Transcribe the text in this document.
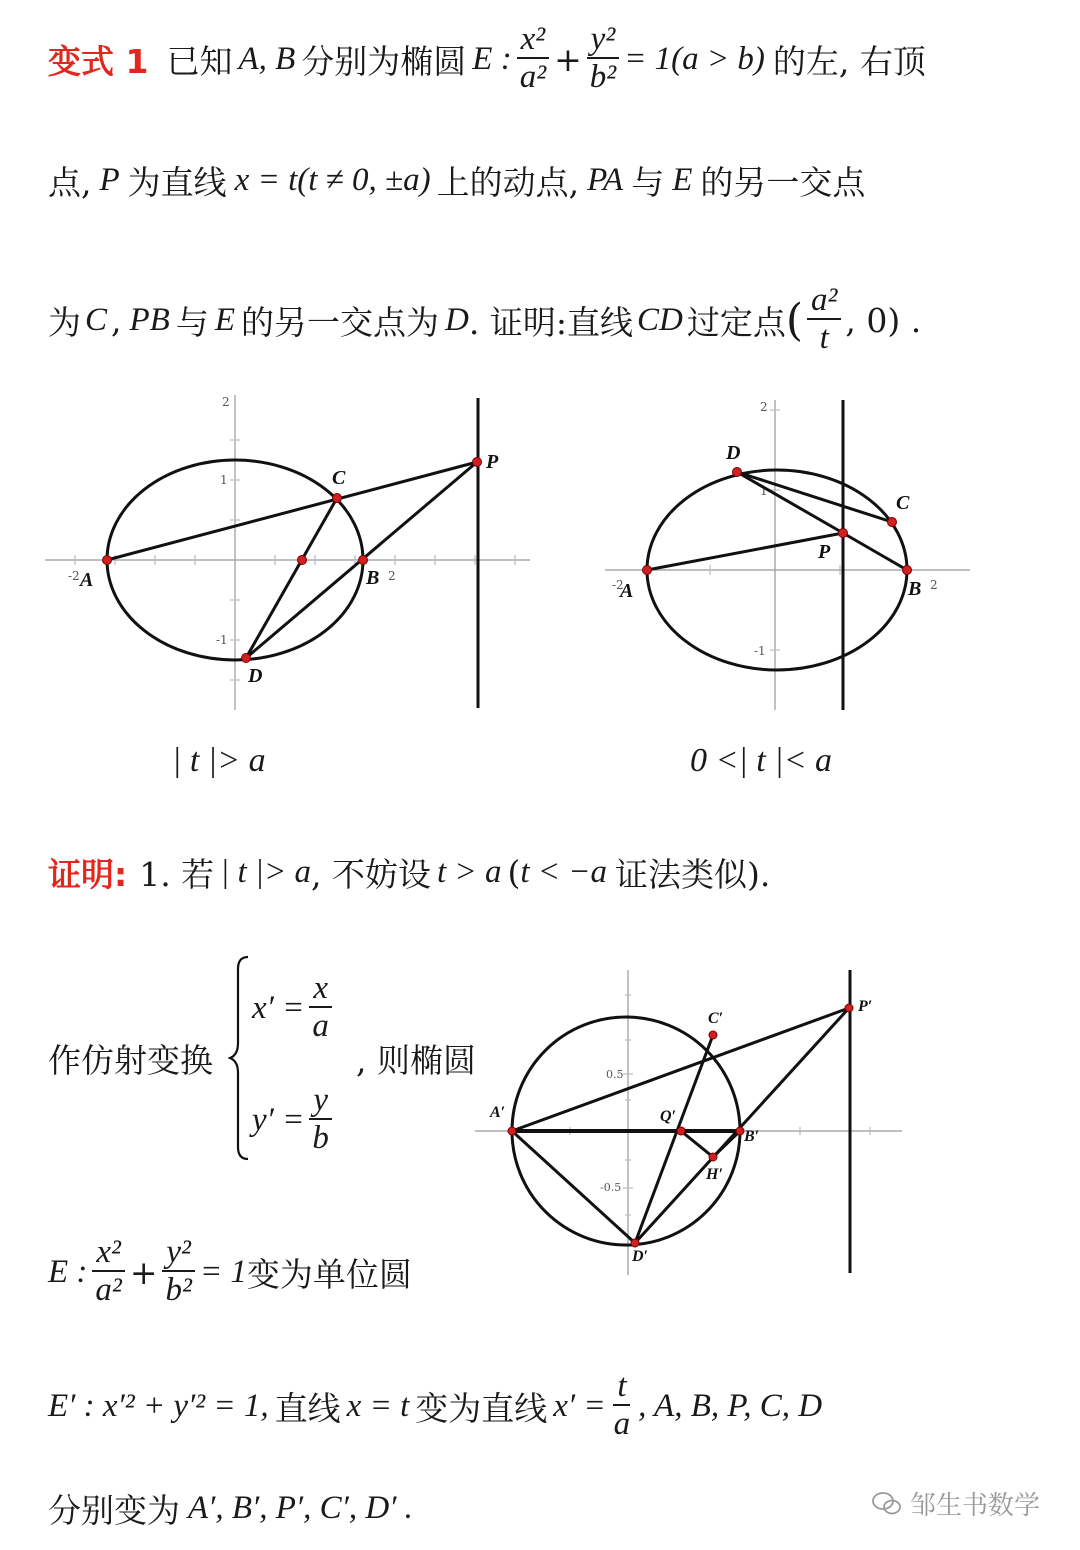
变式 1 已知 A, B 分别为椭圆 E : $\frac{\text{x²}}{\text{a²}} + \frac{\text{y²}}{\text{b²}} = 1(a > b)$ 的左, 右顶
点, P 为直线 x = t(t ≠ 0, ±a) 上的动点, PA 与 E 的另一交点
为 C , PB 与 E 的另一交点为 D . 证明:直线 CD 过定点 ( $\frac{\text{a²}}{t}$ , 0) .
2
-2	2
1
-1
A	B
C
D
P
| t |> a
2
-2	2
1
-1
A	B
C
D
P
0 <| t |< a
证明: 1. 若 | t |> a , 不妨设 t > a ( t < −a 证法类似).
作仿射变换
$x' = \frac{x}{a}$
$y' = \frac{y}{b}$
, 则椭圆	0.5
-0.5
A′
B′
C′
D′
P′
Q′
H′
E : $\frac{\text{x²}}{\text{a²}} + \frac{\text{y²}}{\text{b²}} = 1$ 变为单位圆
E′ : x′² + y′² = 1, 直线 x = t 变为直线 $x' = \frac{t}{a}$ , A, B, P, C, D
分别变为 A′, B′, P′, C′, D′ .	邹生书数学
